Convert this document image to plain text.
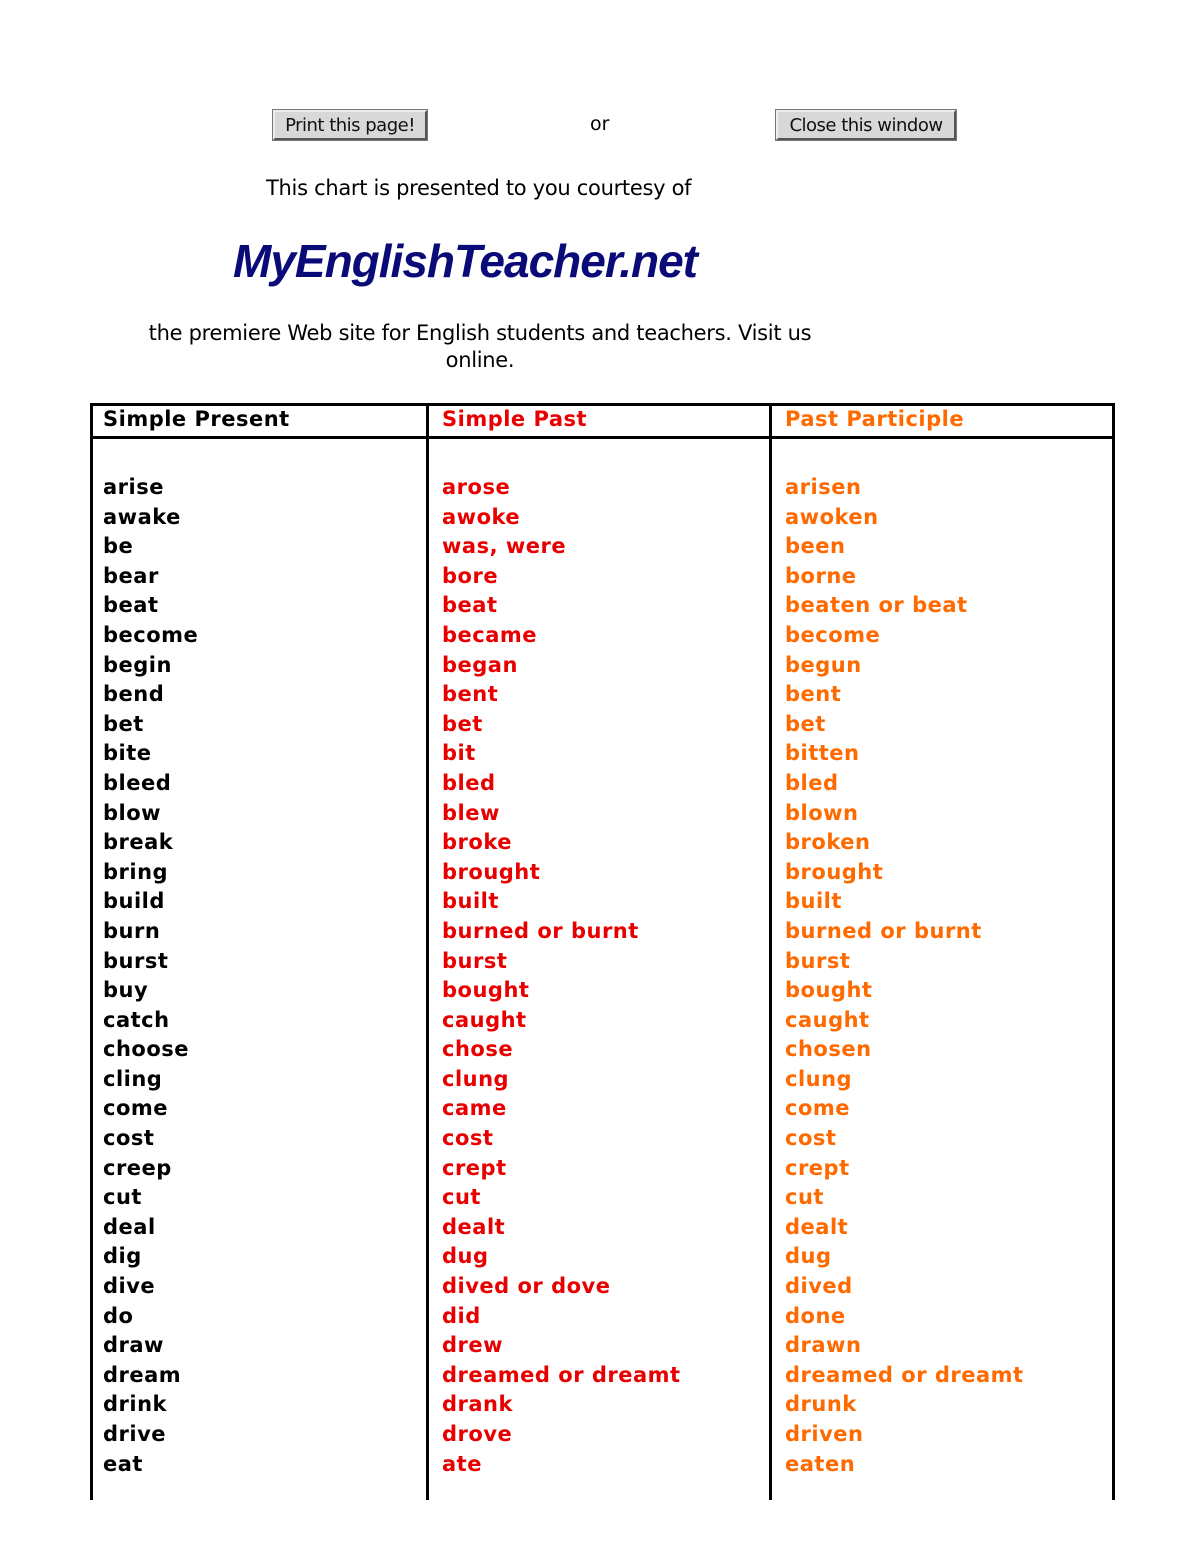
Print this page!	or	Close this window
This chart is presented to you courtesy of
MyEnglishTeacher.net
the premiere Web site for English students and teachers. Visit us online.
Simple Present
arise
awake
be
bear
beat
become
begin
bend
bet
bite
bleed
blow
break
bring
build
burn
burst
buy
catch
choose
cling
come
cost
creep
cut
deal
dig
dive
do
draw
dream
drink
drive
eat
Simple Past
arose
awoke
was, were
bore
beat
became
began
bent
bet
bit
bled
blew
broke
brought
built
burned or burnt
burst
bought
caught
chose
clung
came
cost
crept
cut
dealt
dug
dived or dove
did
drew
dreamed or dreamt
drank
drove
ate
Past Participle
arisen
awoken
been
borne
beaten or beat
become
begun
bent
bet
bitten
bled
blown
broken
brought
built
burned or burnt
burst
bought
caught
chosen
clung
come
cost
crept
cut
dealt
dug
dived
done
drawn
dreamed or dreamt
drunk
driven
eaten
